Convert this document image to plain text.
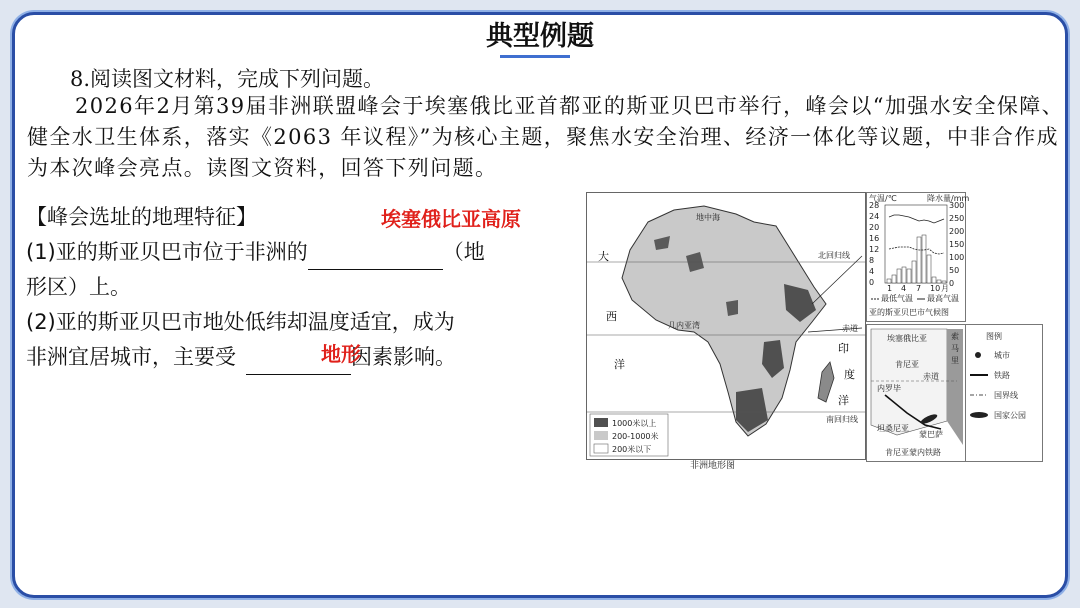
典型例题
8.阅读图文材料，完成下列问题。
2026年2月第39届非洲联盟峰会于埃塞俄比亚首都亚的斯亚贝巴市举行，峰会以“加强水安全保障、健全水卫生体系，落实《2063 年议程》”为核心主题，聚焦水安全治理、经济一体化等议题，中非合作成为本次峰会亮点。读图文资料，回答下列问题。
【峰会选址的地理特征】
(1)亚的斯亚贝巴市位于非洲的	（地
形区）上。
(2)亚的斯亚贝巴市地处低纬却温度适宜，成为
非洲宜居城市，主要受	因素影响。
埃塞俄比亚高原
地形
地中海
北回归线
赤道
南回归线
几内亚湾
大
西
洋
印
度
洋
1000米以上
200-1000米
200米以下
非洲地形图
气温/℃	降水量/mm
28
24
20
16
12
8
4
0
300
250
200
150
100
50
0
1 4 7 10 月
最低气温 最高气温
亚的斯亚贝巴市气候图
埃塞俄比亚
肯尼亚
索
马
里
赤道
内罗毕
蒙巴萨
坦桑尼亚
肯尼亚蒙内铁路
图例
城市
铁路
国界线
国家公园
